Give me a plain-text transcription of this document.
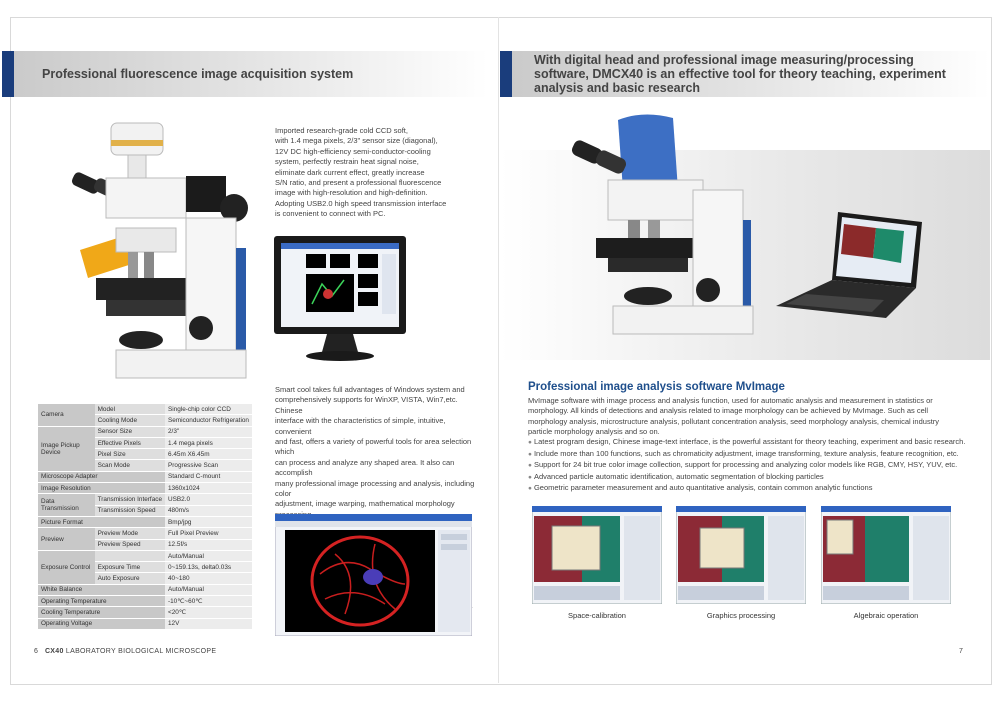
Professional fluorescence image acquisition system
With digital head and professional image measuring/processing
software, DMCX40 is an effective tool for theory teaching, experiment
analysis and basic research
Imported research-grade cold CCD soft,
with 1.4 mega pixels, 2/3" sensor size (diagonal),
12V DC high-efficiency semi-conductor-cooling
system, perfectly restrain heat signal noise,
eliminate dark current effect, greatly increase
S/N ratio, and present a professional fluorescence
image with high-resolution and high-definition.
Adopting USB2.0 high speed transmission interface
is convenient to connect with PC.
Camera	Model	Single-chip color CCD
	Cooling Mode	Semiconductor Refrigeration
Image Pickup Device	Sensor Size	2/3"
	Effective Pixels	1.4 mega pixels
	Pixel Size	6.45m X6.45m
	Scan Mode	Progressive Scan
Microscope Adapter		Standard C-mount
Image Resolution		1360x1024
Data Transmission	Transmission Interface	USB2.0
	Transmission Speed	480m/s
Picture Format		Bmp/jpg
Preview	Preview Mode	Full Pixel Preview
	Preview Speed	12.5f/s
Exposure Control		Auto/Manual
	Exposure Time	0~159.13s, delta0.03s
	Auto Exposure	40~180
White Balance		Auto/Manual
Operating Temperature		-10℃~60℃
Cooling Temperature		<20℃
Operating Voltage		12V
Smart cool takes full advantages of Windows system and
comprehensively supports for WinXP, VISTA, Win7,etc. Chinese
interface with the characteristics of simple, intuitive, convenient
and fast, offers a variety of powerful tools for area selection which
can process and analyze any shaped area. It also can accomplish
many professional image processing and analysis, including color
adjustment, image warping, mathematical morphology

6 CX40 LABORATORY BIOLOGICAL MICROSCOPE
Professional image analysis software MvImage
MvImage software with image process and analysis function, used for automatic analysis and measurement in statistics or
morphology. All kinds of detections and analysis related to image morphology can be achieved by MvImage. Such as cell
morphology analysis, microstructure analysis, pollutant concentration analysis, seed morphology analysis, chemical industry
particle morphology analysis and so on.
● Latest program design, Chinese image-text interface, is the powerful assistant for theory teaching, experiment and basic research.
● Include more than 100 functions, such as chromaticity adjustment, image transforming, texture analysis, feature recognition, etc.
● Support for 24 bit true color image collection, support for processing and analyzing color models like RGB, CMY, HSY, YUV, etc.
● Advanced particle automatic identification, automatic segmentation of blocking particles
● Geometric parameter measurement and auto quantitative analysis, contain common analytic functions
Space-calibration	Graphics processing	Algebraic operation
7
